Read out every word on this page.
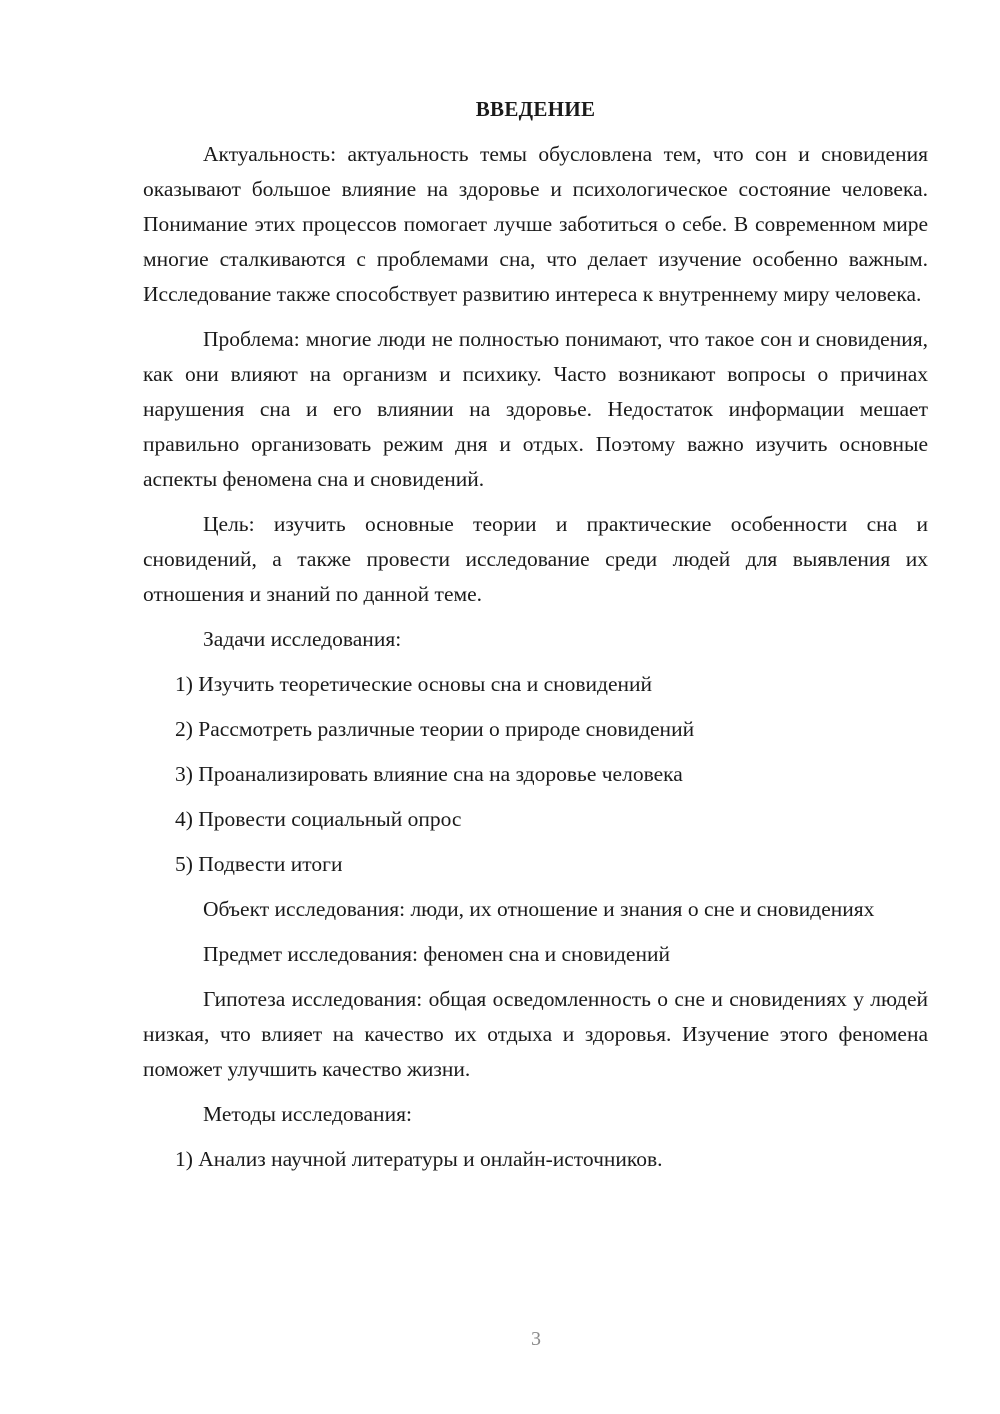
ВВЕДЕНИЕ

Актуальность: актуальность темы обусловлена тем, что сон и сновидения оказывают большое влияние на здоровье и психологическое состояние человека. Понимание этих процессов помогает лучше заботиться о себе. В современном мире многие сталкиваются с проблемами сна, что делает изучение особенно важным. Исследование также способствует развитию интереса к внутреннему миру человека.

Проблема: многие люди не полностью понимают, что такое сон и сновидения, как они влияют на организм и психику. Часто возникают вопросы о причинах нарушения сна и его влиянии на здоровье. Недостаток информации мешает правильно организовать режим дня и отдых. Поэтому важно изучить основные аспекты феномена сна и сновидений.

Цель: изучить основные теории и практические особенности сна и сновидений, а также провести исследование среди людей для выявления их отношения и знаний по данной теме.

Задачи исследования:

1) Изучить теоретические основы сна и сновидений

2) Рассмотреть различные теории о природе сновидений

3) Проанализировать влияние сна на здоровье человека

4) Провести социальный опрос

5) Подвести итоги

Объект исследования: люди, их отношение и знания о сне и сновидениях

Предмет исследования: феномен сна и сновидений

Гипотеза исследования: общая осведомленность о сне и сновидениях у людей низкая, что влияет на качество их отдыха и здоровья. Изучение этого феномена поможет улучшить качество жизни.

Методы исследования:

1) Анализ научной литературы и онлайн-источников.

3
